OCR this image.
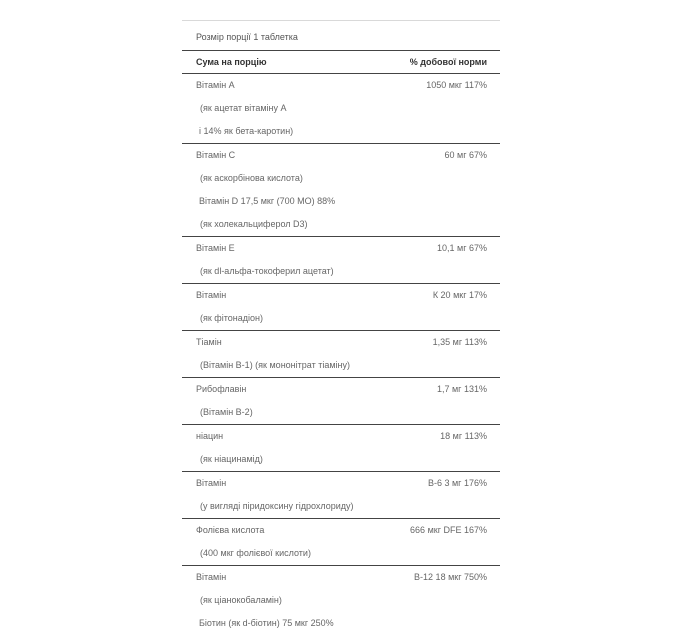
Розмір порції 1 таблетка
Сума на порцію	% добової норми
Вітамін А	1050 мкг 117%
(як ацетат вітаміну А
і 14% як бета-каротин)
Вітамін С	60 мг 67%
(як аскорбінова кислота)
Вітамін D 17,5 мкг (700 МО) 88%
(як холекальциферол D3)
Вітамін Е	10,1 мг 67%
(як dl-альфа-токоферил ацетат)
Вітамін	К 20 мкг 17%
(як фітонадіон)
Тіамін	1,35 мг 113%
(Вітамін В-1) (як мононітрат тіаміну)
Рибофлавін	1,7 мг 131%
(Вітамін В-2)
ніацин	18 мг 113%
(як ніацинамід)
Вітамін	В-6 3 мг 176%
(у вигляді піридоксину гідрохлориду)
Фолієва кислота	666 мкг DFE 167%
(400 мкг фолієвої кислоти)
Вітамін	В-12 18 мкг 750%
(як ціанокобаламін)
Біотин (як d-біотин) 75 мкг 250%
